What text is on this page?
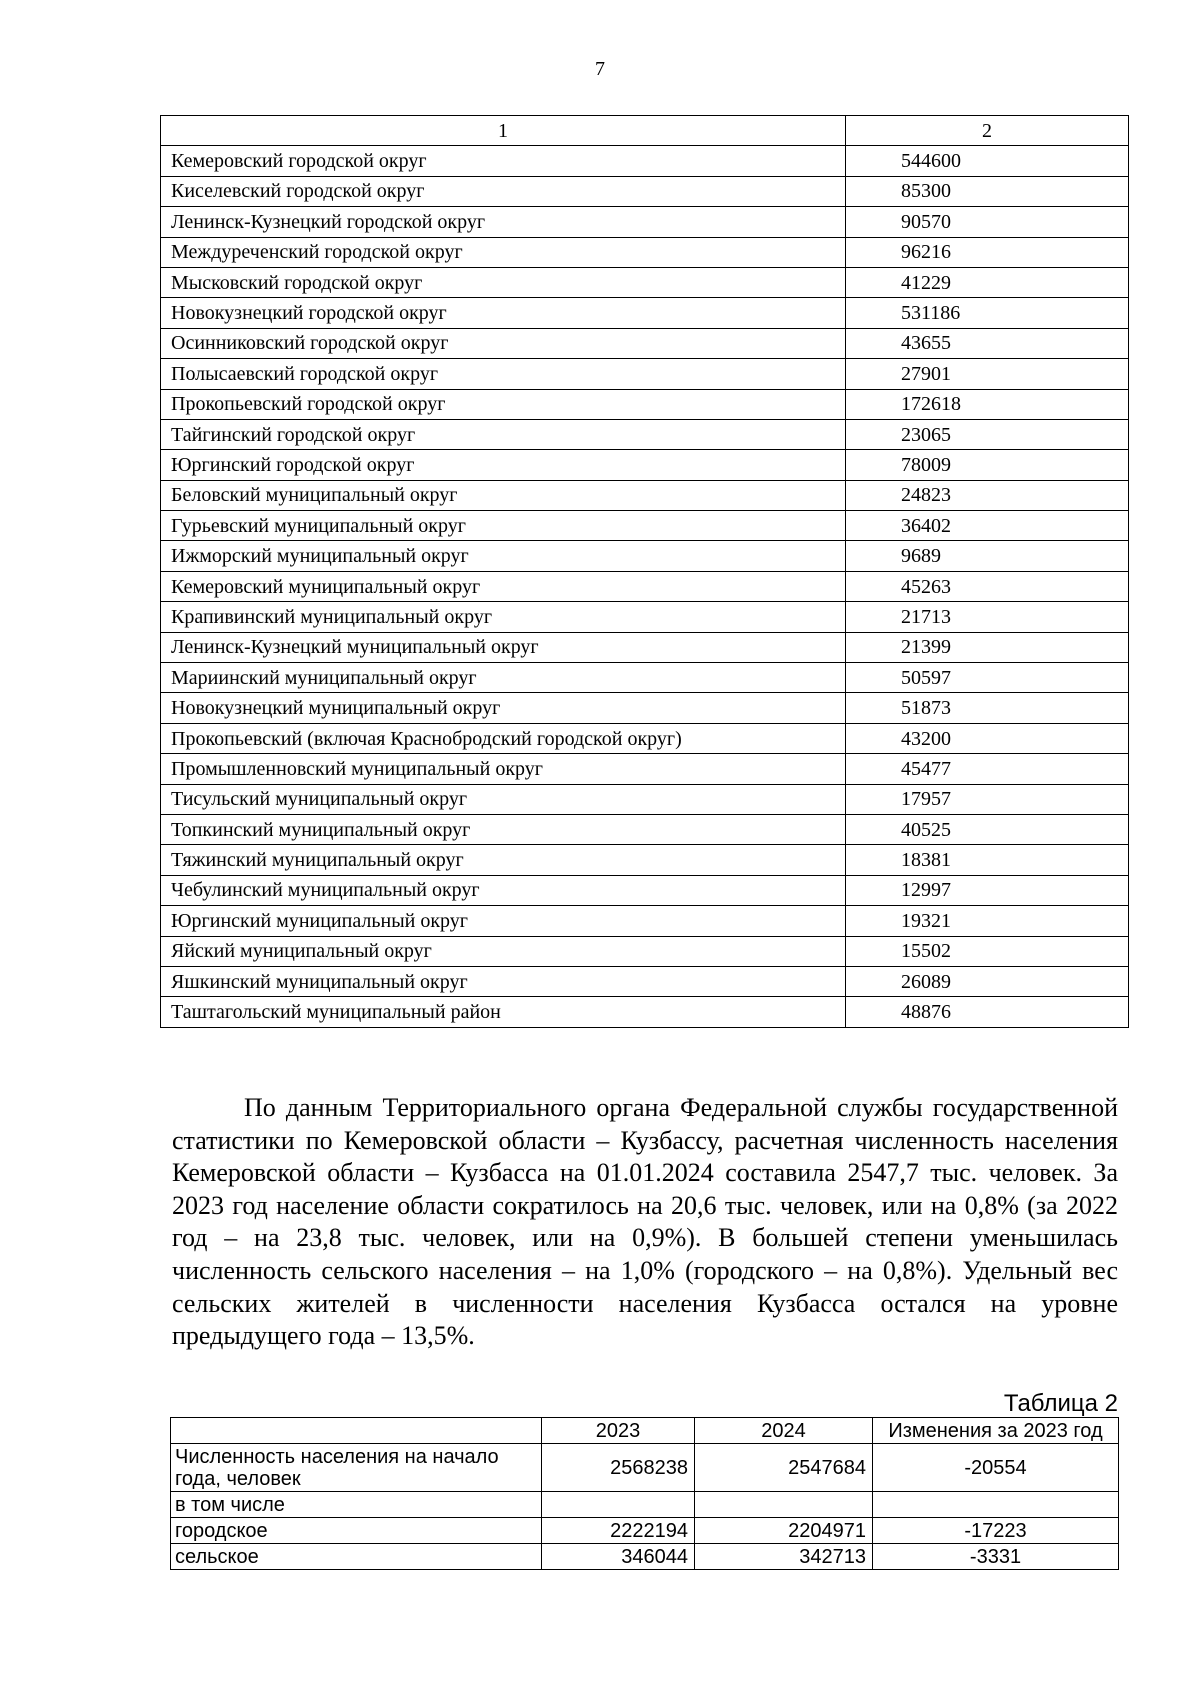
7
1	2
Кемеровский городской округ	544600
Киселевский городской округ	85300
Ленинск-Кузнецкий городской округ	90570
Междуреченский городской округ	96216
Мысковский городской округ	41229
Новокузнецкий городской округ	531186
Осинниковский городской округ	43655
Полысаевский городской округ	27901
Прокопьевский городской округ	172618
Тайгинский городской округ	23065
Юргинский городской округ	78009
Беловский муниципальный округ	24823
Гурьевский муниципальный округ	36402
Ижморский муниципальный округ	9689
Кемеровский муниципальный округ	45263
Крапивинский муниципальный округ	21713
Ленинск-Кузнецкий муниципальный округ	21399
Мариинский муниципальный округ	50597
Новокузнецкий муниципальный округ	51873
Прокопьевский (включая Краснобродский городской округ)	43200
Промышленновский муниципальный округ	45477
Тисульский муниципальный округ	17957
Топкинский муниципальный округ	40525
Тяжинский муниципальный округ	18381
Чебулинский муниципальный округ	12997
Юргинский муниципальный округ	19321
Яйский муниципальный округ	15502
Яшкинский муниципальный округ	26089
Таштагольский муниципальный район	48876

По данным Территориального органа Федеральной службы государственной статистики по Кемеровской области – Кузбассу, расчетная численность населения Кемеровской области – Кузбасса на 01.01.2024 составила 2547,7 тыс. человек. За 2023 год население области сократилось на 20,6 тыс. человек, или на 0,8% (за 2022 год – на 23,8 тыс. человек, или на 0,9%). В большей степени уменьшилась численность сельского населения – на 1,0% (городского – на 0,8%). Удельный вес сельских жителей в численности населения Кузбасса остался на уровне предыдущего года – 13,5%.

Таблица 2
	2023	2024	Изменения за 2023 год
Численность населения на начало года, человек	2568238	2547684	-20554
в том числе			
городское	2222194	2204971	-17223
сельское	346044	342713	-3331
